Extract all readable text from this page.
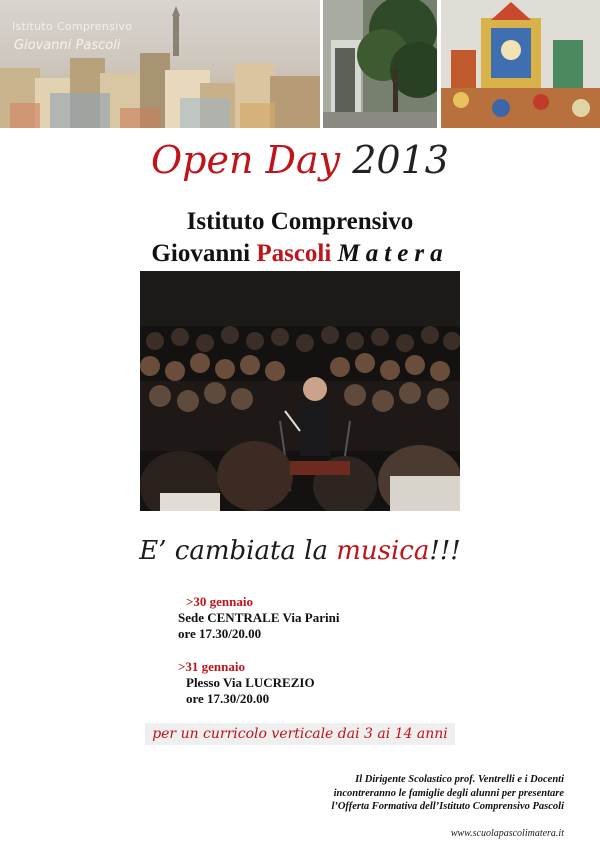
Istituto Comprensivo
Giovanni Pascoli
Open Day 2013
Istituto Comprensivo
Giovanni Pascoli Matera
E’ cambiata la musica!!!
>30 gennaio
Sede CENTRALE Via Parini
ore 17.30/20.00
>31 gennaio
Plesso Via LUCREZIO
ore 17.30/20.00
per un curricolo verticale dai 3 ai 14 anni
Il Dirigente Scolastico prof. Ventrelli e i Docenti
incontreranno le famiglie degli alunni per presentare
l’Offerta Formativa dell’Istituto Comprensivo Pascoli
www.scuolapascolimatera.it
